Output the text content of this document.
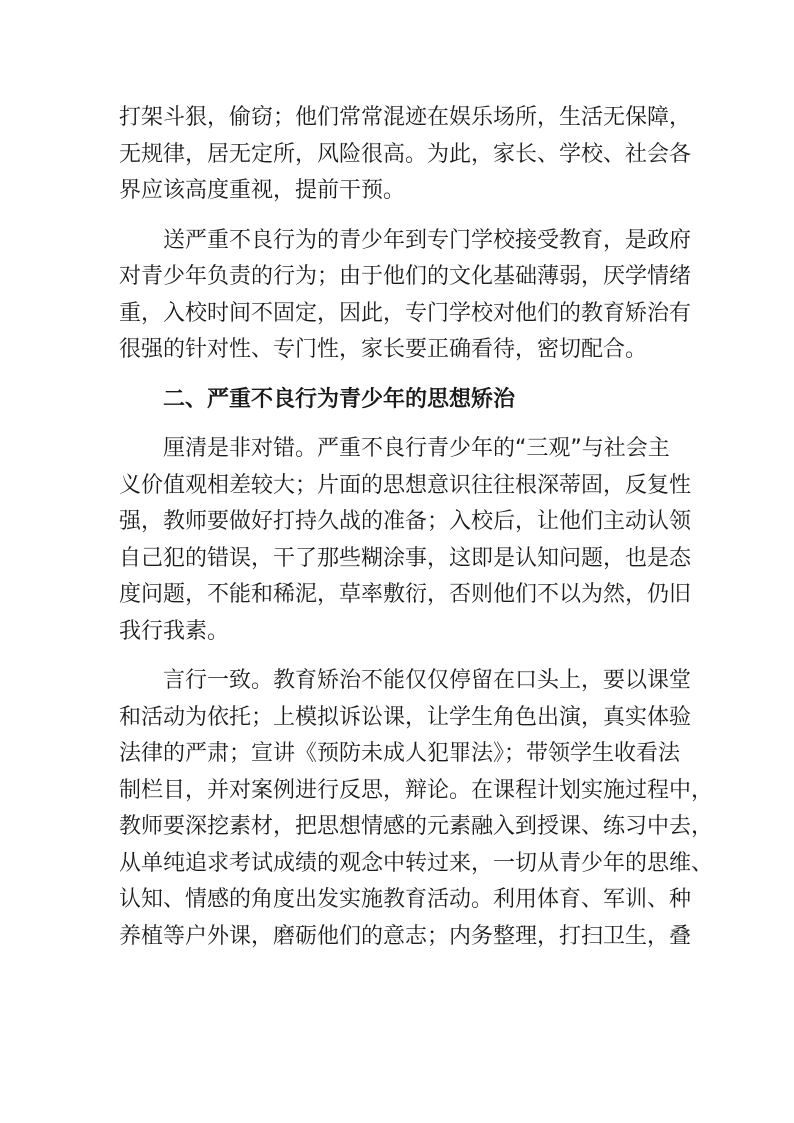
打架斗狠，偷窃；他们常常混迹在娱乐场所，生活无保障，
无规律，居无定所，风险很高。为此，家长、学校、社会各
界应该高度重视，提前干预。

送严重不良行为的青少年到专门学校接受教育，是政府
对青少年负责的行为；由于他们的文化基础薄弱，厌学情绪
重，入校时间不固定，因此，专门学校对他们的教育矫治有
很强的针对性、专门性，家长要正确看待，密切配合。

二、严重不良行为青少年的思想矫治

厘清是非对错。严重不良行青少年的“三观”与社会主
义价值观相差较大；片面的思想意识往往根深蒂固，反复性
强，教师要做好打持久战的准备；入校后，让他们主动认领
自己犯的错误，干了那些糊涂事，这即是认知问题，也是态
度问题，不能和稀泥，草率敷衍，否则他们不以为然，仍旧
我行我素。

言行一致。教育矫治不能仅仅停留在口头上，要以课堂
和活动为依托；上模拟诉讼课，让学生角色出演，真实体验
法律的严肃；宣讲《预防未成人犯罪法》；带领学生收看法
制栏目，并对案例进行反思，辩论。在课程计划实施过程中，
教师要深挖素材，把思想情感的元素融入到授课、练习中去，
从单纯追求考试成绩的观念中转过来，一切从青少年的思维、
认知、情感的角度出发实施教育活动。利用体育、军训、种
养植等户外课，磨砺他们的意志；内务整理，打扫卫生，叠
